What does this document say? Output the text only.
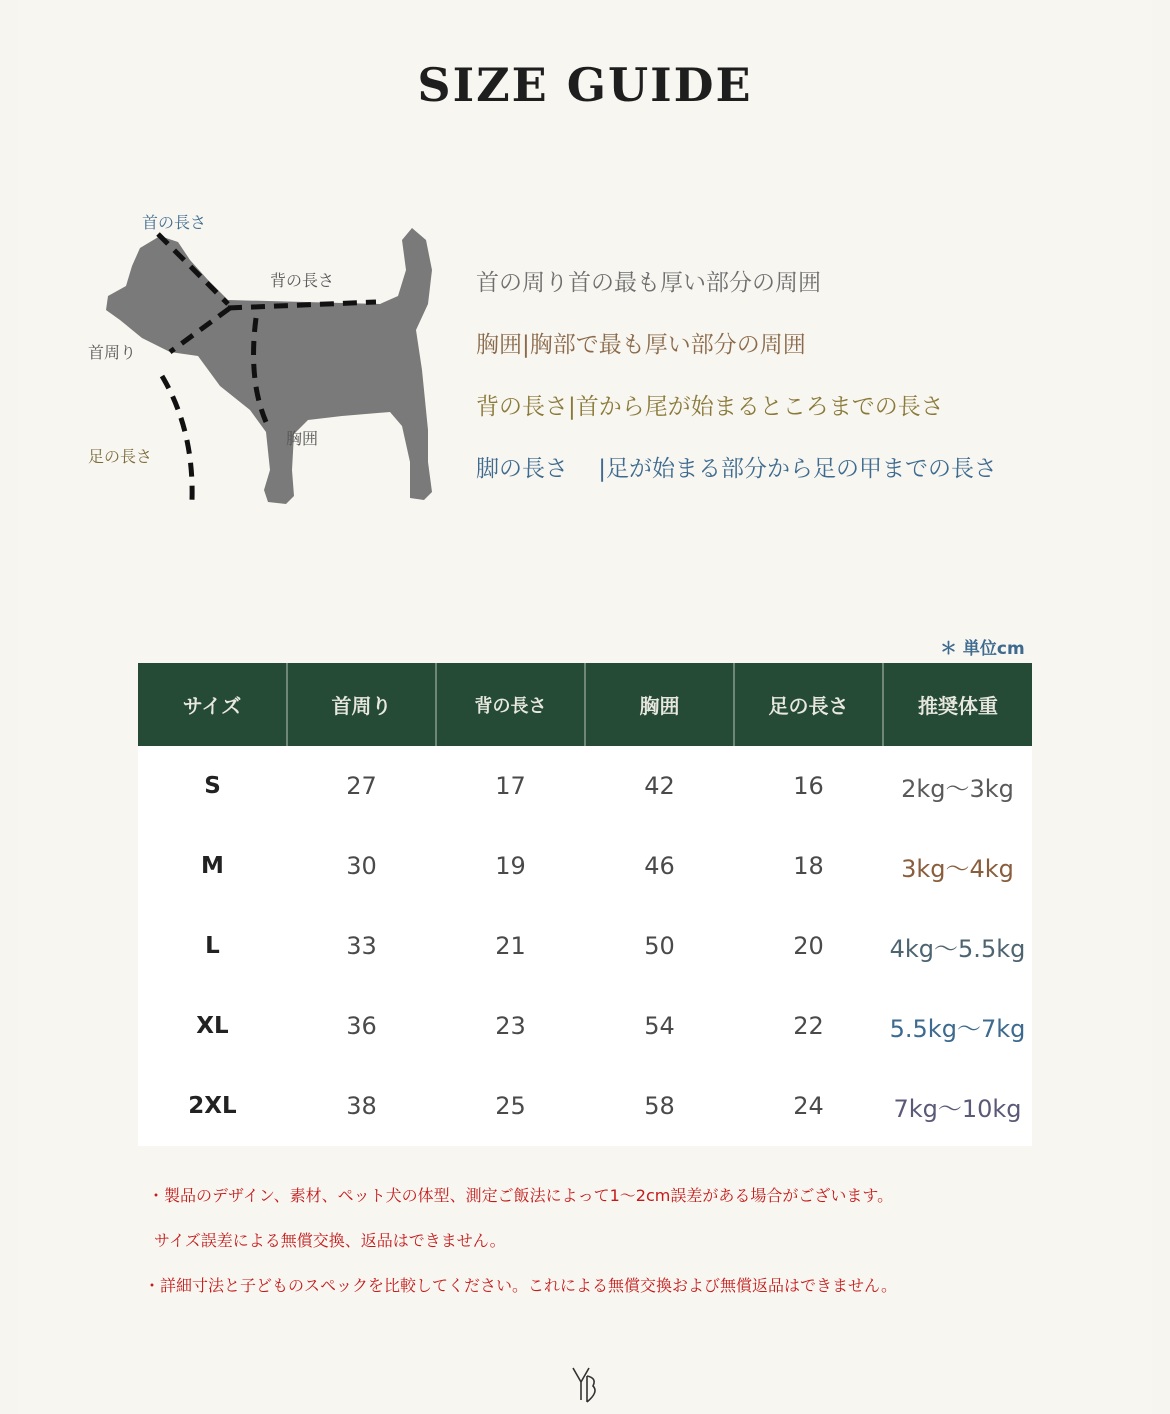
SIZE GUIDE
首の長さ
背の長さ
首周り
足の長さ
胸囲
首の周り首の最も厚い部分の周囲
胸囲|胸部で最も厚い部分の周囲
背の長さ|首から尾が始まるところまでの長さ
脚の長さ　 |足が始まる部分から足の甲までの長さ
＊ 単位cm
サイズ	首周り	背の長さ	胸囲	足の長さ	推奨体重
S	27	17	42	16	2kg～3kg
M	30	19	46	18	3kg～4kg
L	33	21	50	20	4kg～5.5kg
XL	36	23	54	22	5.5kg～7kg
2XL	38	25	58	24	7kg～10kg
・製品のデザイン、素材、ペット犬の体型、測定ご飯法によって1～2cm誤差がある場合がございます。
サイズ誤差による無償交換、返品はできません。
・詳細寸法と子どものスペックを比較してください。これによる無償交換および無償返品はできません。
